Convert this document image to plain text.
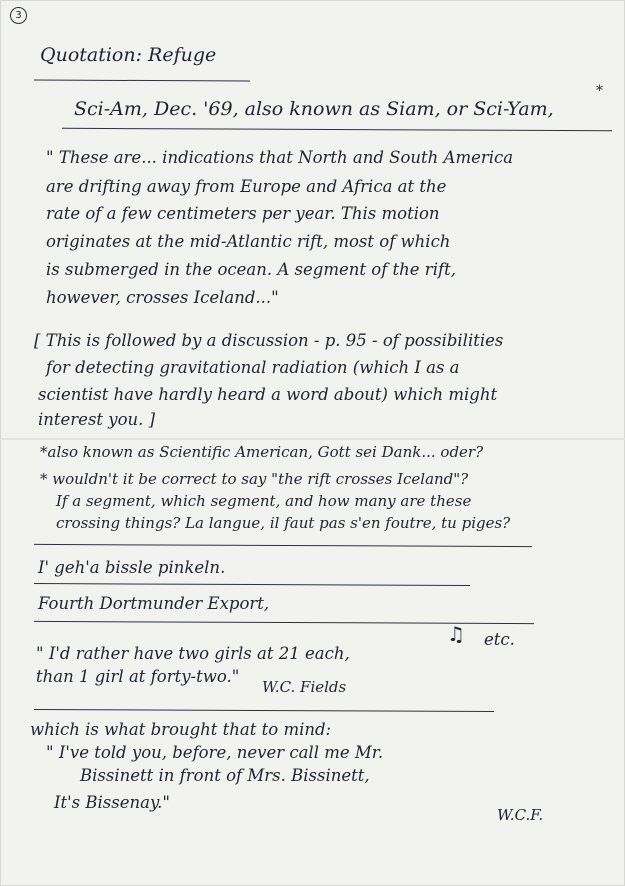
3
Quotation: Refuge
Sci-Am, Dec. '69, also known as Siam, or Sci-Yam,
*
" These are... indications that North and South America
are drifting away from Europe and Africa at the
rate of a few centimeters per year. This motion
originates at the mid-Atlantic rift, most of which
is submerged in the ocean. A segment of the rift,
however, crosses Iceland..."
[ This is followed by a discussion - p. 95 - of possibilities
for detecting gravitational radiation (which I as a
scientist have hardly heard a word about) which might
interest you. ]
*also known as Scientific American, Gott sei Dank... oder?
* wouldn't it be correct to say "the rift crosses Iceland"?
If a segment, which segment, and how many are these
crossing things? La langue, il faut pas s'en foutre, tu piges?
I' geh'a bissle pinkeln.
Fourth Dortmunder Export,
" I'd rather have two girls at 21 each,
♫ etc.
than 1 girl at forty-two."
W.C. Fields
which is what brought that to mind:
" I've told you, before, never call me Mr.
Bissinett in front of Mrs. Bissinett,
It's Bissenay."
W.C.F.
